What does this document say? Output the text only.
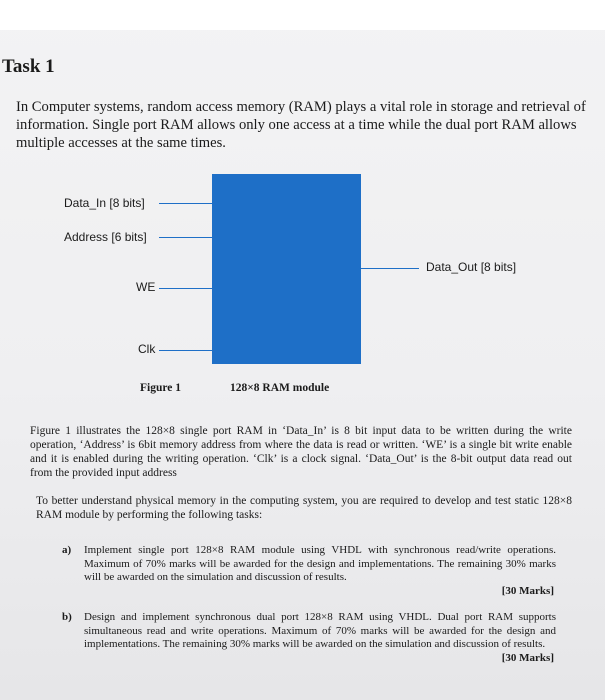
Task 1

In Computer systems, random access memory (RAM) plays a vital role in storage and retrieval of information. Single port RAM allows only one access at a time while the dual port RAM allows multiple accesses at the same times.

Data_In [8 bits]
Address [6 bits]
WE
Clk
Data_Out [8 bits]
Figure 1	128×8 RAM module

Figure 1 illustrates the 128×8 single port RAM in ‘Data_In’ is 8 bit input data to be written during the write operation, ‘Address’ is 6bit memory address from where the data is read or written. ‘WE’ is a single bit write enable and it is enabled during the writing operation. ‘Clk’ is a clock signal. ‘Data_Out’ is the 8-bit output data read out from the provided input address

To better understand physical memory in the computing system, you are required to develop and test static 128×8 RAM module by performing the following tasks:

a) Implement single port 128×8 RAM module using VHDL with synchronous read/write operations. Maximum of 70% marks will be awarded for the design and implementations. The remaining 30% marks will be awarded on the simulation and discussion of results.
[30 Marks]
b) Design and implement synchronous dual port 128×8 RAM using VHDL. Dual port RAM supports simultaneous read and write operations. Maximum of 70% marks will be awarded for the design and implementations. The remaining 30% marks will be awarded on the simulation and discussion of results.
[30 Marks]
